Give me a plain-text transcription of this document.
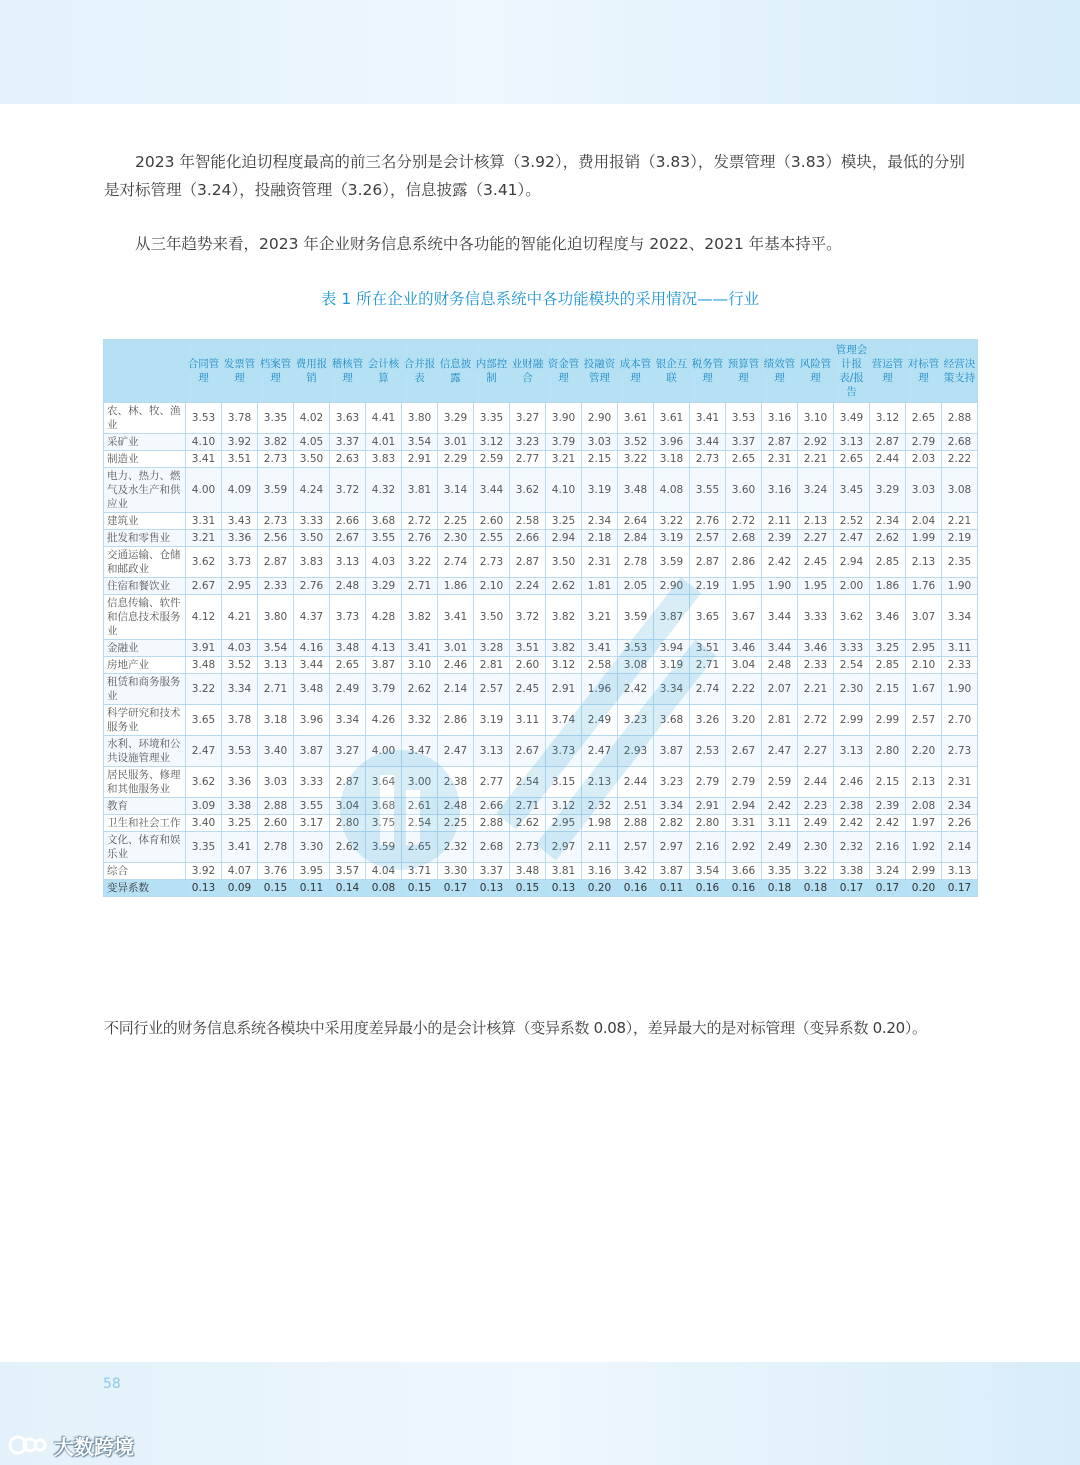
2023 年智能化迫切程度最高的前三名分别是会计核算（3.92），费用报销（3.83），发票管理（3.83）模块，最低的分别是对标管理（3.24），投融资管理（3.26），信息披露（3.41）。

从三年趋势来看，2023 年企业财务信息系统中各功能的智能化迫切程度与 2022、2021 年基本持平。

表 1 所在企业的财务信息系统中各功能模块的采用情况——行业
	合同管理	发票管理	档案管理	费用报销	稽核管理	会计核算	合并报表	信息披露	内部控制	业财融合	资金管理	投融资管理	成本管理	银企互联	税务管理	预算管理	绩效管理	风险管理	管理会计报表/报告	营运管理	对标管理	经营决策支持
农、林、牧、渔业	3.53	3.78	3.35	4.02	3.63	4.41	3.80	3.29	3.35	3.27	3.90	2.90	3.61	3.61	3.41	3.53	3.16	3.10	3.49	3.12	2.65	2.88
采矿业	4.10	3.92	3.82	4.05	3.37	4.01	3.54	3.01	3.12	3.23	3.79	3.03	3.52	3.96	3.44	3.37	2.87	2.92	3.13	2.87	2.79	2.68
制造业	3.41	3.51	2.73	3.50	2.63	3.83	2.91	2.29	2.59	2.77	3.21	2.15	3.22	3.18	2.73	2.65	2.31	2.21	2.65	2.44	2.03	2.22
电力、热力、燃气及水生产和供应业	4.00	4.09	3.59	4.24	3.72	4.32	3.81	3.14	3.44	3.62	4.10	3.19	3.48	4.08	3.55	3.60	3.16	3.24	3.45	3.29	3.03	3.08
建筑业	3.31	3.43	2.73	3.33	2.66	3.68	2.72	2.25	2.60	2.58	3.25	2.34	2.64	3.22	2.76	2.72	2.11	2.13	2.52	2.34	2.04	2.21
批发和零售业	3.21	3.36	2.56	3.50	2.67	3.55	2.76	2.30	2.55	2.66	2.94	2.18	2.84	3.19	2.57	2.68	2.39	2.27	2.47	2.62	1.99	2.19
交通运输、仓储和邮政业	3.62	3.73	2.87	3.83	3.13	4.03	3.22	2.74	2.73	2.87	3.50	2.31	2.78	3.59	2.87	2.86	2.42	2.45	2.94	2.85	2.13	2.35
住宿和餐饮业	2.67	2.95	2.33	2.76	2.48	3.29	2.71	1.86	2.10	2.24	2.62	1.81	2.05	2.90	2.19	1.95	1.90	1.95	2.00	1.86	1.76	1.90
信息传输、软件和信息技术服务业	4.12	4.21	3.80	4.37	3.73	4.28	3.82	3.41	3.50	3.72	3.82	3.21	3.59	3.87	3.65	3.67	3.44	3.33	3.62	3.46	3.07	3.34
金融业	3.91	4.03	3.54	4.16	3.48	4.13	3.41	3.01	3.28	3.51	3.82	3.41	3.53	3.94	3.51	3.46	3.44	3.46	3.33	3.25	2.95	3.11
房地产业	3.48	3.52	3.13	3.44	2.65	3.87	3.10	2.46	2.81	2.60	3.12	2.58	3.08	3.19	2.71	3.04	2.48	2.33	2.54	2.85	2.10	2.33
租赁和商务服务业	3.22	3.34	2.71	3.48	2.49	3.79	2.62	2.14	2.57	2.45	2.91	1.96	2.42	3.34	2.74	2.22	2.07	2.21	2.30	2.15	1.67	1.90
科学研究和技术服务业	3.65	3.78	3.18	3.96	3.34	4.26	3.32	2.86	3.19	3.11	3.74	2.49	3.23	3.68	3.26	3.20	2.81	2.72	2.99	2.99	2.57	2.70
水利、环境和公共设施管理业	2.47	3.53	3.40	3.87	3.27	4.00	3.47	2.47	3.13	2.67	3.73	2.47	2.93	3.87	2.53	2.67	2.47	2.27	3.13	2.80	2.20	2.73
居民服务、修理和其他服务业	3.62	3.36	3.03	3.33	2.87	3.64	3.00	2.38	2.77	2.54	3.15	2.13	2.44	3.23	2.79	2.79	2.59	2.44	2.46	2.15	2.13	2.31
教育	3.09	3.38	2.88	3.55	3.04	3.68	2.61	2.48	2.66	2.71	3.12	2.32	2.51	3.34	2.91	2.94	2.42	2.23	2.38	2.39	2.08	2.34
卫生和社会工作	3.40	3.25	2.60	3.17	2.80	3.75	2.54	2.25	2.88	2.62	2.95	1.98	2.88	2.82	2.80	3.31	3.11	2.49	2.42	2.42	1.97	2.26
文化、体育和娱乐业	3.35	3.41	2.78	3.30	2.62	3.59	2.65	2.32	2.68	2.73	2.97	2.11	2.57	2.97	2.16	2.92	2.49	2.30	2.32	2.16	1.92	2.14
综合	3.92	4.07	3.76	3.95	3.57	4.04	3.71	3.30	3.37	3.48	3.81	3.16	3.42	3.87	3.54	3.66	3.35	3.22	3.38	3.24	2.99	3.13
变异系数	0.13	0.09	0.15	0.11	0.14	0.08	0.15	0.17	0.13	0.15	0.13	0.20	0.16	0.11	0.16	0.16	0.18	0.18	0.17	0.17	0.20	0.17

不同行业的财务信息系统各模块中采用度差异最小的是会计核算（变异系数 0.08），差异最大的是对标管理（变异系数 0.20）。

58
大数跨境
